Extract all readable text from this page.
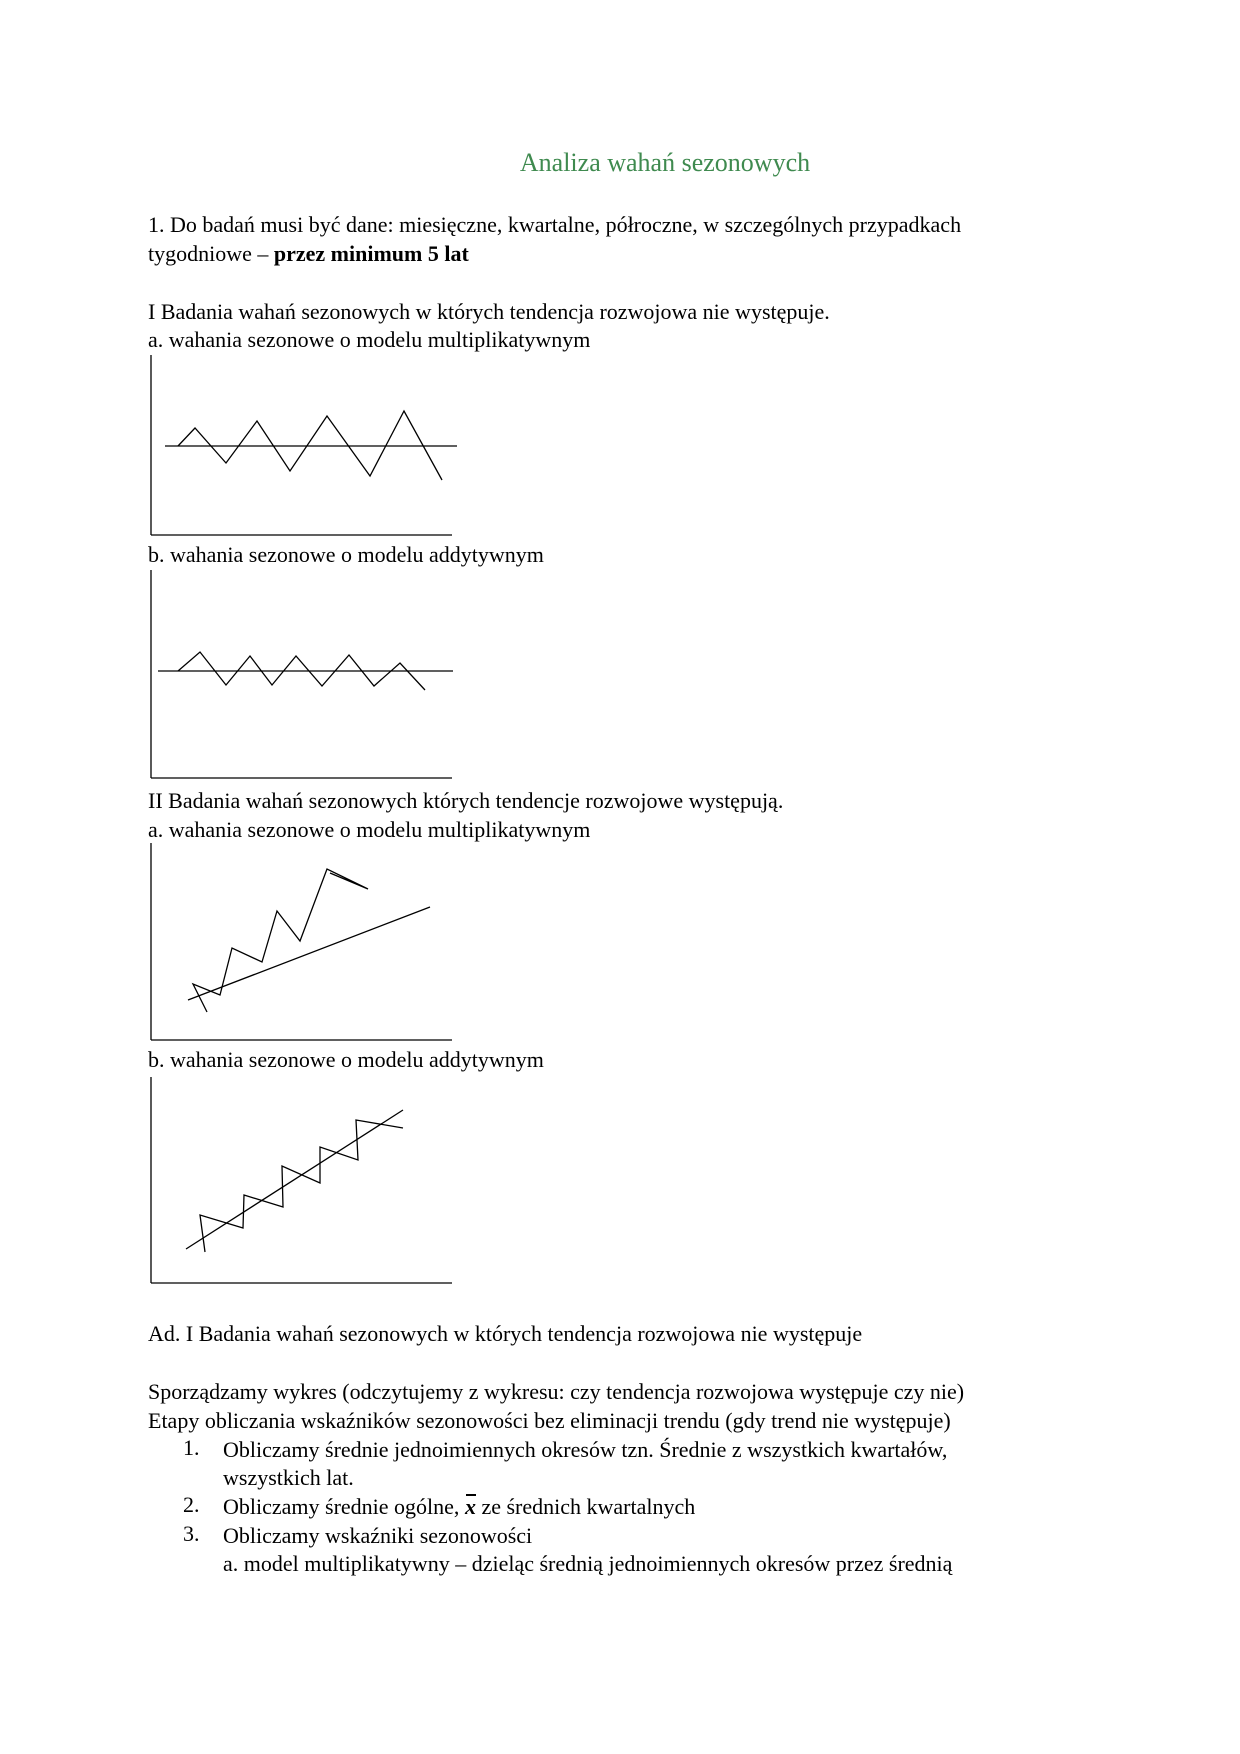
Analiza wahań sezonowych
1. Do badań musi być dane: miesięczne, kwartalne, półroczne, w szczególnych przypadkach
tygodniowe – przez minimum 5 lat
I Badania wahań sezonowych w których tendencja rozwojowa nie występuje.
a. wahania sezonowe o modelu multiplikatywnym
b. wahania sezonowe o modelu addytywnym
II Badania wahań sezonowych których tendencje rozwojowe występują.
a. wahania sezonowe o modelu multiplikatywnym
b. wahania sezonowe o modelu addytywnym
Ad. I Badania wahań sezonowych w których tendencja rozwojowa nie występuje
Sporządzamy wykres (odczytujemy z wykresu: czy tendencja rozwojowa występuje czy nie)
Etapy obliczania wskaźników sezonowości bez eliminacji trendu (gdy trend nie występuje)
1. Obliczamy średnie jednoimiennych okresów tzn. Średnie z wszystkich kwartałów,
wszystkich lat.
2. Obliczamy średnie ogólne, x ze średnich kwartalnych
3. Obliczamy wskaźniki sezonowości
a. model multiplikatywny – dzieląc średnią jednoimiennych okresów przez średnią
